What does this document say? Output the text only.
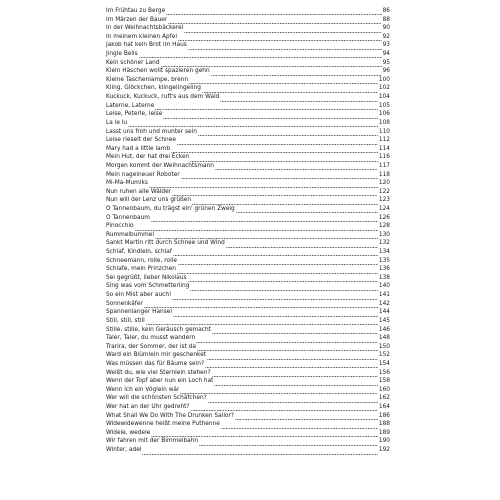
Im Frühtau zu Berge	86
Im Märzen der Bauer	88
In der Weihnachtsbäckerei	90
In meinem kleinen Apfel	92
Jakob hat kein Brot im Haus	93
Jingle Bells	94
Kein schöner Land	95
Klein Häschen wollt spazieren gehn	96
Kleine Taschenlampe, brenn	100
Kling, Glöckchen, klingelingeling	102
Kuckuck, Kuckuck, ruft's aus dem Wald	104
Laterne, Laterne	105
Leise, Peterle, leise	106
La le lu	108
Lasst uns froh und munter sein	110
Leise rieselt der Schnee	112
Mary had a little lamb	114
Mein Hut, der hat drei Ecken	116
Morgen kommt der Weihnachtsmann	117
Mein nagelneuer Roboter	118
Mi-Ma-Mumiks	120
Nun ruhen alle Wälder	122
Nun will der Lenz uns grüßen	123
O Tannenbaum, du trägst ein' grünen Zweig	124
O Tannenbaum	126
Pinocchio	128
Rummelbummel	130
Sankt Martin ritt durch Schnee und Wind	132
Schlaf, Kindlein, schlaf	134
Schneemann, rolle, rolle	135
Schlafe, mein Prinzchen	136
Sei gegrüßt, lieber Nikolaus	138
Sing was vom Schmetterling	140
So ein Mist aber auch!	141
Sonnenkäfer	142
Spannenlanger Hansel	144
Still, still, still	145
Stille, stille, kein Geräusch gemacht	146
Taler, Taler, du musst wandern	148
Trarira, der Sommer, der ist da	150
Ward ein Blümlein mir geschenket	152
Was müssen das für Bäume sein?	154
Weißt du, wie viel Sternlein stehen?	156
Wenn der Topf aber nun ein Loch hat	158
Wenn ich ein Vöglein wär	160
Wer will die schönsten Schäfchen?	162
Wer hat an der Uhr gedreht?	164
What Shall We Do With The Drunken Sailor?	186
Widewidewenne heißt meine Puthenne	188
Widele, wedele	189
Wir fahren mit der Bimmelbahn	190
Winter, adel	192
